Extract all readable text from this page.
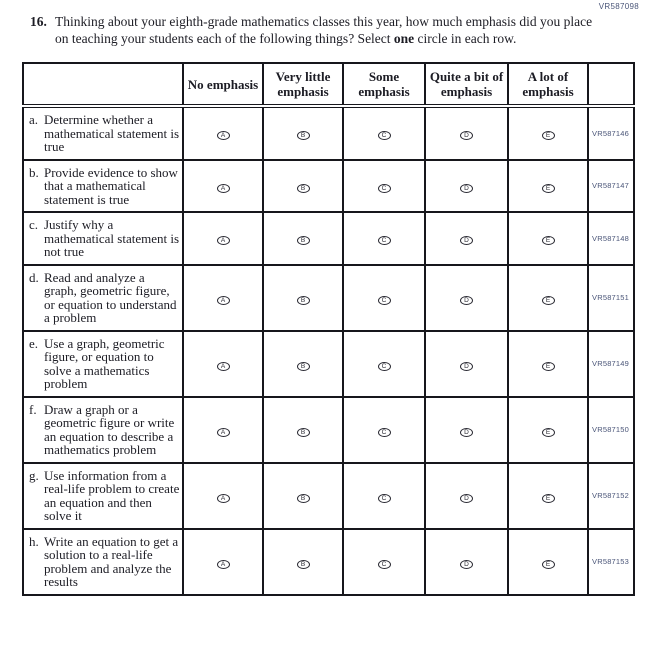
VR587098
16. Thinking about your eighth-grade mathematics classes this year, how much emphasis did you place on teaching your students each of the following things? Select one circle in each row.

	No emphasis	Very little emphasis	Some emphasis	Quite a bit of emphasis	A lot of emphasis	

a. Determine whether a mathematical statement is true	A	B	C	D	E	VR587146

b. Provide evidence to show that a mathematical statement is true	A	B	C	D	E	VR587147

c. Justify why a mathematical statement is not true	A	B	C	D	E	VR587148

d. Read and analyze a graph, geometric figure, or equation to understand a problem	A	B	C	D	E	VR587151

e. Use a graph, geometric figure, or equation to solve a mathematics problem	A	B	C	D	E	VR587149

f. Draw a graph or a geometric figure or write an equation to describe a mathematics problem	A	B	C	D	E	VR587150

g. Use information from a real-life problem to create an equation and then solve it	A	B	C	D	E	VR587152

h. Write an equation to get a solution to a real-life problem and analyze the results	A	B	C	D	E	VR587153
